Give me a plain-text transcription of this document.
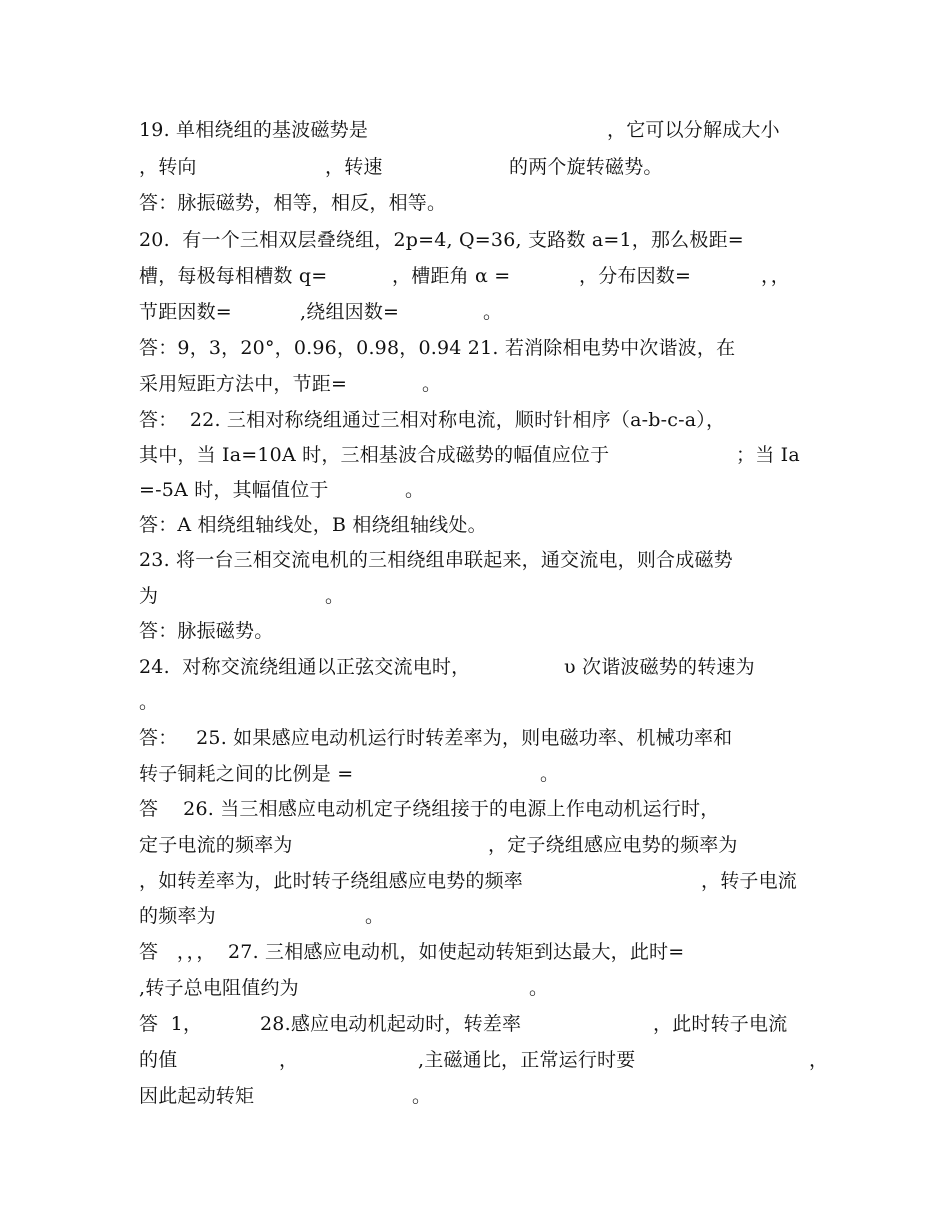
19. 单相绕组的基波磁势是

	，它可以分解成大小

，转向

	，转速

	的两个旋转磁势。

答：脉振磁势，相等，相反，相等。

20.  有一个三相双层叠绕组，2p=4, Q=36, 支路数 a=1，那么极距=

槽，每极每相槽数 q=

	，槽距角 α =

	，分布因数=

	，，

节距因数=

	,绕组因数=

	。

答：9，3，20°，0.96，0.98，0.94 21. 若消除相电势中次谐波，在

采用短距方法中，节距=

	。

答：  22. 三相对称绕组通过三相对称电流，顺时针相序（a-b-c-a），

其中，当 Ia=10A 时，三相基波合成磁势的幅值应位于

	；当 Ia

=-5A 时，其幅值位于

	。

答：A 相绕组轴线处，B 相绕组轴线处。

23. 将一台三相交流电机的三相绕组串联起来，通交流电，则合成磁势

为

	。

答：脉振磁势。

24.  对称交流绕组通以正弦交流电时，

	υ 次谐波磁势的转速为

。

答：   25. 如果感应电动机运行时转差率为，则电磁功率、机械功率和

转子铜耗之间的比例是 =

	。

答    26. 当三相感应电动机定子绕组接于的电源上作电动机运行时，

定子电流的频率为

	，定子绕组感应电势的频率为

，如转差率为，此时转子绕组感应电势的频率

	，转子电流

的频率为

	。

答   ，，，  27. 三相感应电动机，如使起动转矩到达最大，此时=

,转子总电阻值约为

	。

答  1，

	28.感应电动机起动时，转差率

	，此时转子电流

的值

	，

	,主磁通比，正常运行时要

	，

因此起动转矩

	。
